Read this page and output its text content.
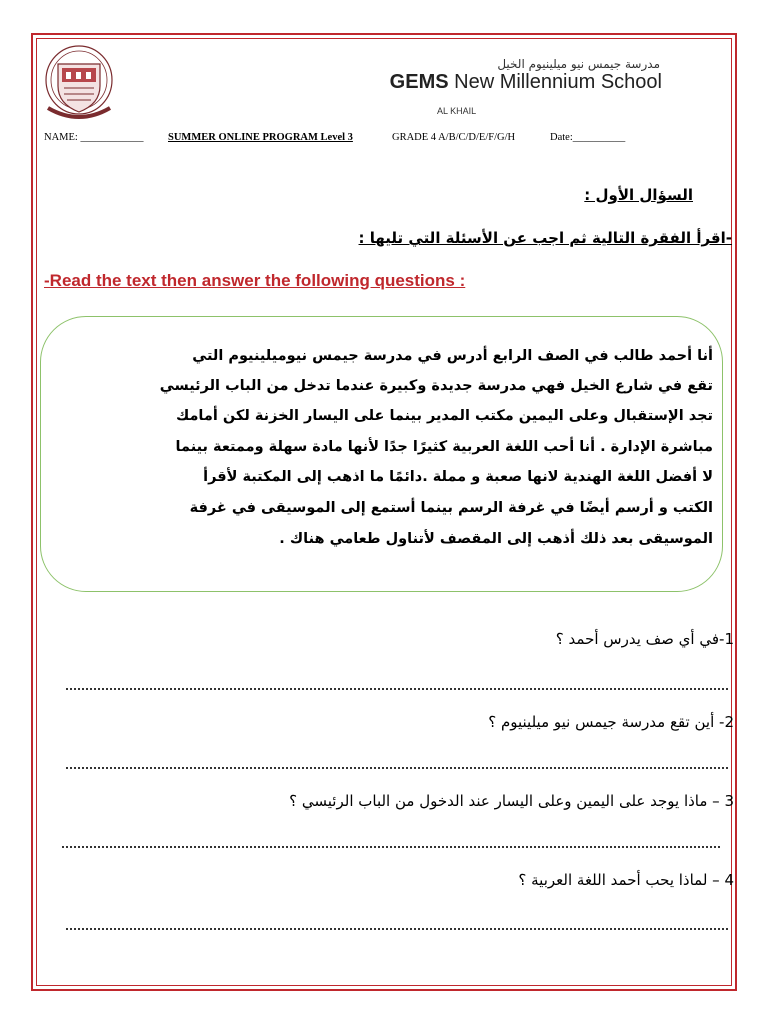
مدرسة جيمس نيو ميلينيوم الخيل
GEMS New Millennium School
AL KHAIL
NAME: ____________ SUMMER ONLINE PROGRAM Level 3	GRADE 4 A/B/C/D/E/F/G/H	Date:__________
السؤال الأول :
-اقرأ الفقرة التالية ثم اجب عن الأسئلة التي تليها :
-Read the text then answer the following questions :
أنا أحمد طالب في الصف الرابع أدرس في مدرسة جيمس نيوميلينيوم التي
تقع في شارع الخيل فهي مدرسة جديدة وكبيرة عندما تدخل من الباب الرئيسي
تجد الإستقبال وعلى اليمين مكتب المدير بينما على اليسار الخزنة لكن أمامك
مباشرة الإدارة . أنا أحب اللغة العربية كثيرًا جدًا لأنها مادة سهلة وممتعة بينما
لا أفضل اللغة الهندية لانها صعبة و مملة .دائمًا ما اذهب إلى المكتبة لأقرأ
الكتب و أرسم أيضًا في غرفة الرسم بينما أستمع إلى الموسيقى في غرفة
الموسيقى بعد ذلك أذهب إلى المقصف لأتناول طعامي هناك .
1-في أي صف يدرس أحمد ؟
2- أين تقع مدرسة جيمس نيو ميلينيوم ؟
3 – ماذا يوجد على اليمين وعلى اليسار عند الدخول من الباب الرئيسي ؟
4 – لماذا يحب أحمد اللغة العربية ؟
